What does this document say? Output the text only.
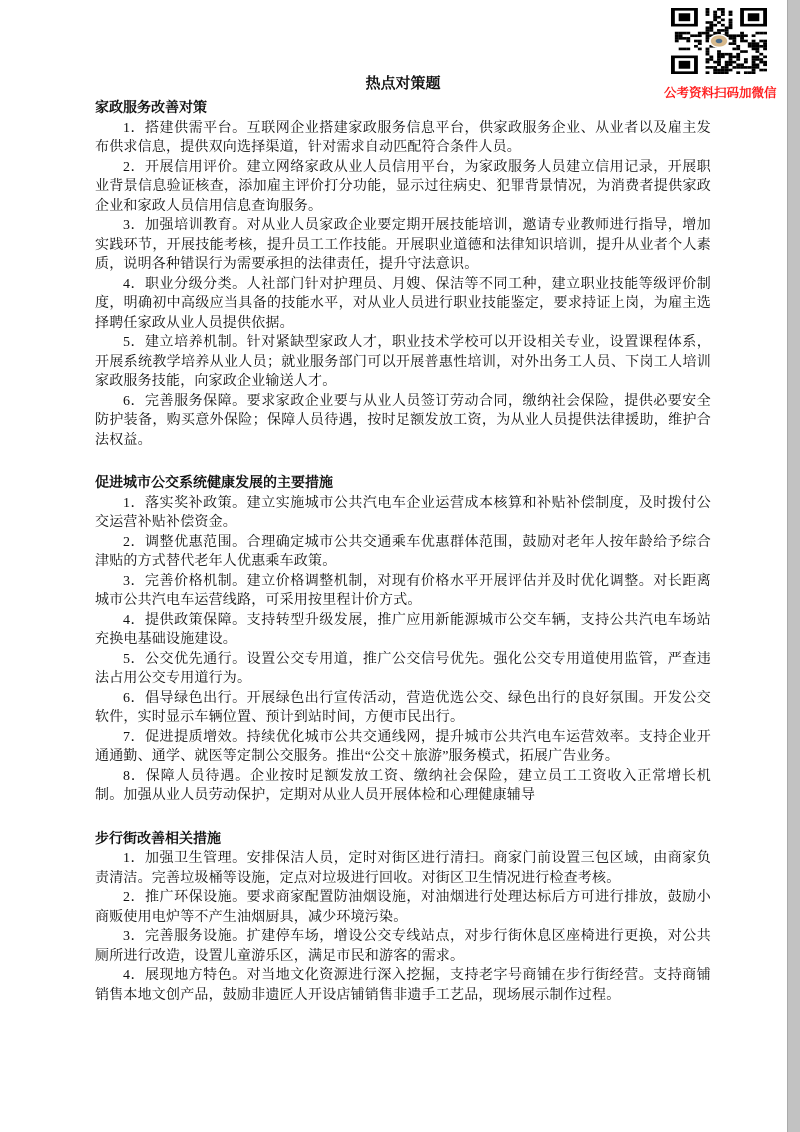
公考资料扫码加微信
热点对策题
家政服务改善对策

1．搭建供需平台。互联网企业搭建家政服务信息平台，供家政服务企业、从业者以及雇主发布供求信息，提供双向选择渠道，针对需求自动匹配符合条件人员。

2．开展信用评价。建立网络家政从业人员信用平台，为家政服务人员建立信用记录，开展职业背景信息验证核查，添加雇主评价打分功能，显示过往病史、犯罪背景情况，为消费者提供家政企业和家政人员信用信息查询服务。

3．加强培训教育。对从业人员家政企业要定期开展技能培训，邀请专业教师进行指导，增加实践环节，开展技能考核，提升员工工作技能。开展职业道德和法律知识培训，提升从业者个人素质，说明各种错误行为需要承担的法律责任，提升守法意识。

4．职业分级分类。人社部门针对护理员、月嫂、保洁等不同工种，建立职业技能等级评价制度，明确初中高级应当具备的技能水平，对从业人员进行职业技能鉴定，要求持证上岗，为雇主选择聘任家政从业人员提供依据。

5．建立培养机制。针对紧缺型家政人才，职业技术学校可以开设相关专业，设置课程体系，开展系统教学培养从业人员；就业服务部门可以开展普惠性培训，对外出务工人员、下岗工人培训家政服务技能，向家政企业输送人才。

6．完善服务保障。要求家政企业要与从业人员签订劳动合同，缴纳社会保险，提供必要安全防护装备，购买意外保险；保障人员待遇，按时足额发放工资，为从业人员提供法律援助，维护合法权益。

促进城市公交系统健康发展的主要措施

1．落实奖补政策。建立实施城市公共汽电车企业运营成本核算和补贴补偿制度，及时拨付公交运营补贴补偿资金。

2．调整优惠范围。合理确定城市公共交通乘车优惠群体范围，鼓励对老年人按年龄给予综合津贴的方式替代老年人优惠乘车政策。

3．完善价格机制。建立价格调整机制，对现有价格水平开展评估并及时优化调整。对长距离城市公共汽电车运营线路，可采用按里程计价方式。

4．提供政策保障。支持转型升级发展，推广应用新能源城市公交车辆，支持公共汽电车场站充换电基础设施建设。

5．公交优先通行。设置公交专用道，推广公交信号优先。强化公交专用道使用监管，严查违法占用公交专用道行为。

6．倡导绿色出行。开展绿色出行宣传活动，营造优选公交、绿色出行的良好氛围。开发公交软件，实时显示车辆位置、预计到站时间，方便市民出行。

7．促进提质增效。持续优化城市公共交通线网，提升城市公共汽电车运营效率。支持企业开通通勤、通学、就医等定制公交服务。推出“公交＋旅游”服务模式，拓展广告业务。

8．保障人员待遇。企业按时足额发放工资、缴纳社会保险，建立员工工资收入正常增长机制。加强从业人员劳动保护，定期对从业人员开展体检和心理健康辅导

步行街改善相关措施

1．加强卫生管理。安排保洁人员，定时对街区进行清扫。商家门前设置三包区域，由商家负责清洁。完善垃圾桶等设施，定点对垃圾进行回收。对街区卫生情况进行检查考核。

2．推广环保设施。要求商家配置防油烟设施，对油烟进行处理达标后方可进行排放，鼓励小商贩使用电炉等不产生油烟厨具，减少环境污染。

3．完善服务设施。扩建停车场，增设公交专线站点，对步行街休息区座椅进行更换，对公共厕所进行改造，设置儿童游乐区，满足市民和游客的需求。

4．展现地方特色。对当地文化资源进行深入挖掘，支持老字号商铺在步行街经营。支持商铺销售本地文创产品，鼓励非遗匠人开设店铺销售非遗手工艺品，现场展示制作过程。
